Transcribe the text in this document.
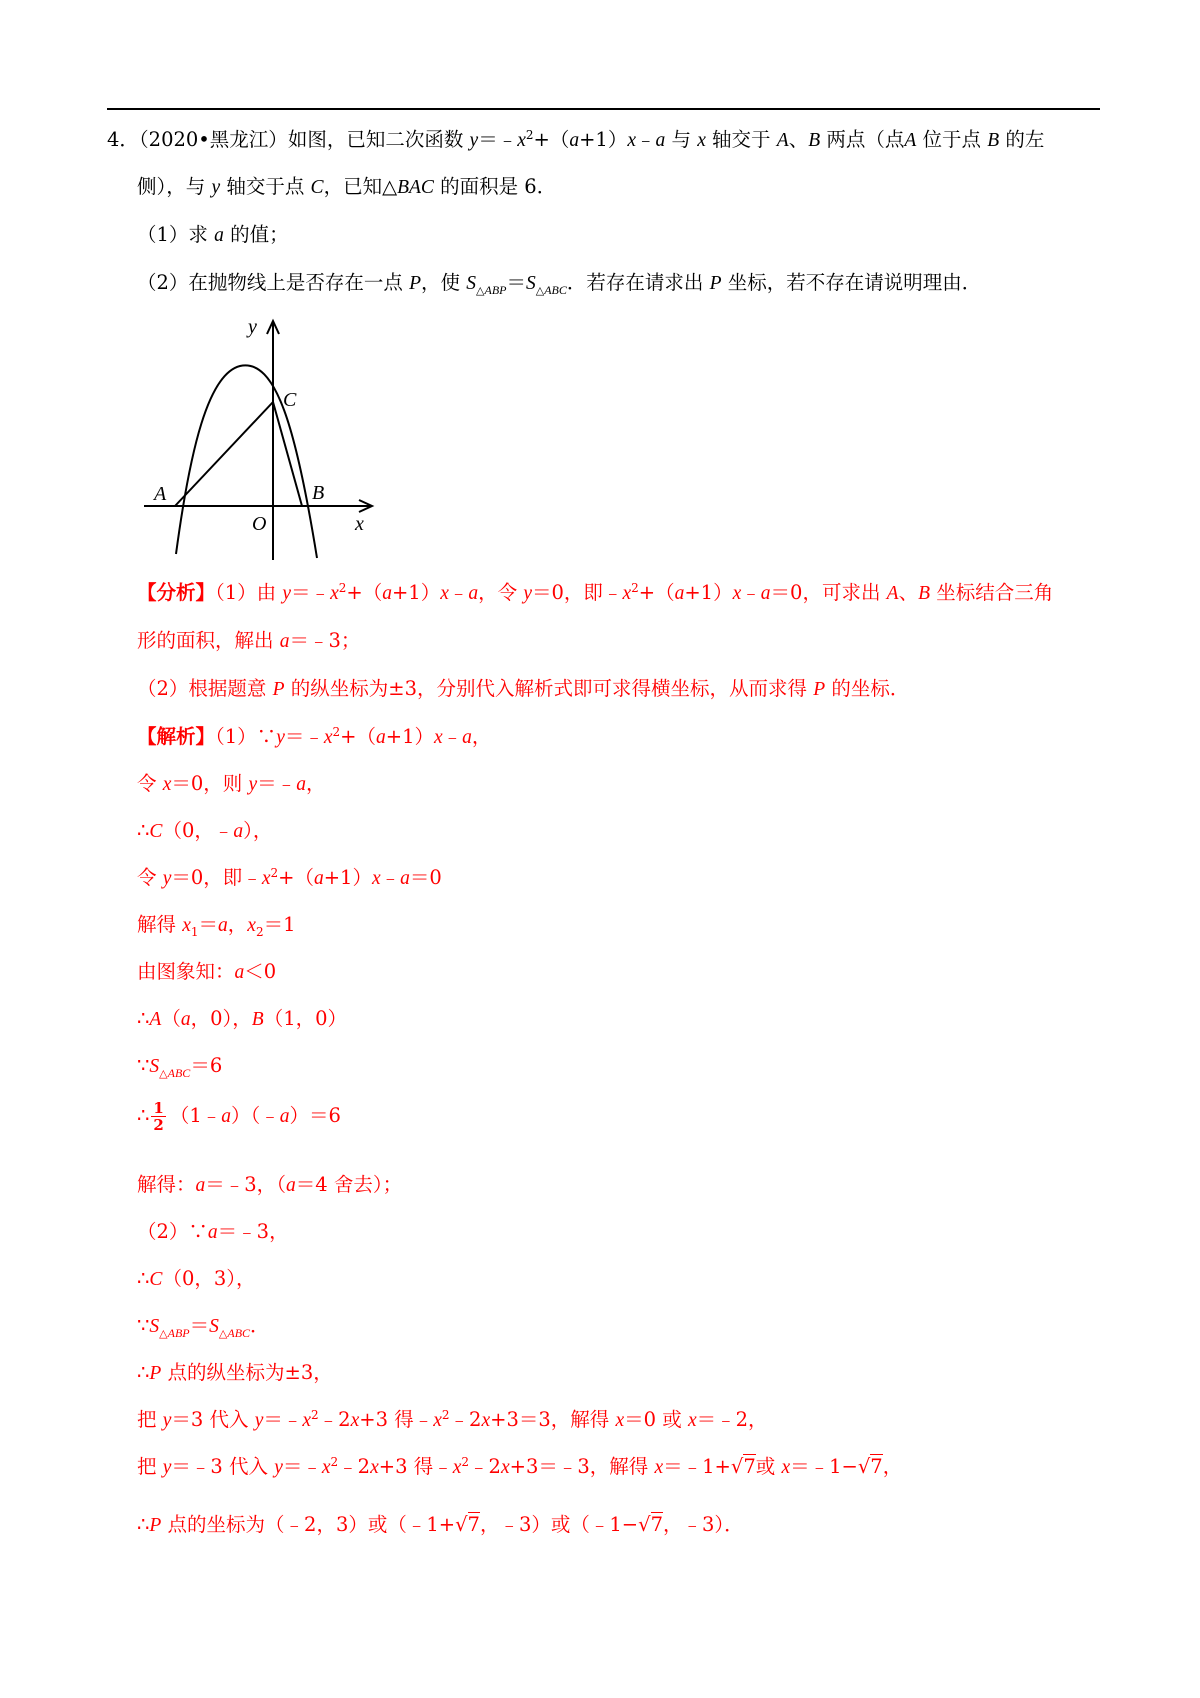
4．（2020•黑龙江）如图，已知二次函数 $y=﹣x^2+(a+1)x﹣a$ 与 x 轴交于 A、B 两点（点A 位于点 B 的左
侧），与 y 轴交于点 C，已知△BAC 的面积是 6．
（1）求 a 的值；
（2）在抛物线上是否存在一点 P，使 $S_{\triangle ABP}=S_{\triangle ABC}$．若存在请求出 P 坐标，若不存在请说明理由．
y
C
A	B
O	x
【分析】（1）由 $y=﹣x^2+(a+1)x﹣a$，令 y＝0，即$﹣x^2+(a+1)x﹣a=0$，可求出 A、B 坐标结合三角
形的面积，解出 a＝﹣3；
（2）根据题意 P 的纵坐标为±3，分别代入解析式即可求得横坐标，从而求得 P 的坐标．
【解析】$(1)\because y=﹣x^2+(a+1)x﹣a$，
令 x＝0，则 y＝﹣a，
∴C（0，﹣a），
令 y＝0，即$﹣x^2+(a+1)x﹣a=0$
解得 $x_1=a$，$x_2=1$
由图象知：a＜0
∴A（a，0），B（1，0）
$\because S_{\triangle ABC}=6$
∴ $\frac{1}{2}$ （1﹣a）（﹣a）＝6
解得：a＝﹣3，（a＝4 舍去）；
（2）∵a＝﹣3，
∴C（0，3），
$\because S_{\triangle ABP}=S_{\triangle ABC}$．
∴P 点的纵坐标为±3，
把 y＝3 代入 $y=﹣x^2﹣2x+3$ 得$﹣x^2﹣2x+3=3$，解得 x＝0 或 x＝﹣2，
把 y＝﹣3 代入 $y=﹣x^2﹣2x+3$ 得$﹣x^2﹣2x+3=﹣3$，解得 x＝﹣1+√7或 x＝﹣1−√7，
∴P 点的坐标为（﹣2，3）或（﹣1+√7，﹣3）或（﹣1−√7，﹣3）．
